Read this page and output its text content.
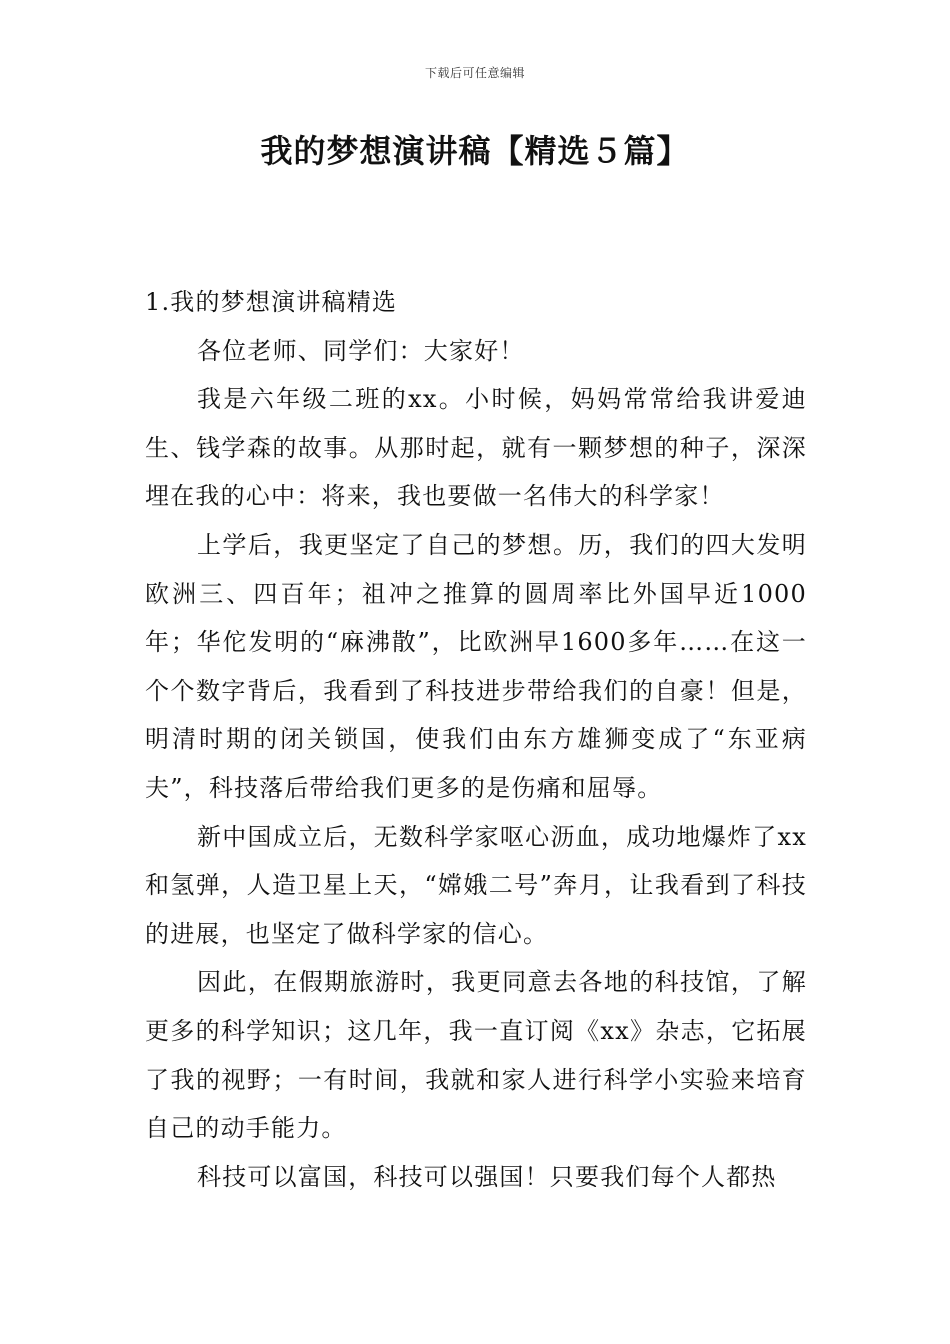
下载后可任意编辑
我的梦想演讲稿【精选５篇】

1.我的梦想演讲稿精选

各位老师、同学们：大家好！

我是六年级二班的xx。小时候，妈妈常常给我讲爱迪生、钱学森的故事。从那时起，就有一颗梦想的种子，深深埋在我的心中：将来，我也要做一名伟大的科学家！

上学后，我更坚定了自己的梦想。历，我们的四大发明欧洲三、四百年；祖冲之推算的圆周率比外国早近1000年；华佗发明的“麻沸散”，比欧洲早1600多年……在这一个个数字背后，我看到了科技进步带给我们的自豪！但是，明清时期的闭关锁国，使我们由东方雄狮变成了“东亚病夫”，科技落后带给我们更多的是伤痛和屈辱。

新中国成立后，无数科学家呕心沥血，成功地爆炸了xx和氢弹，人造卫星上天，“嫦娥二号”奔月，让我看到了科技的进展，也坚定了做科学家的信心。

因此，在假期旅游时，我更同意去各地的科技馆，了解更多的科学知识；这几年，我一直订阅《xx》杂志，它拓展了我的视野；一有时间，我就和家人进行科学小实验来培育自己的动手能力。

科技可以富国，科技可以强国！只要我们每个人都热
